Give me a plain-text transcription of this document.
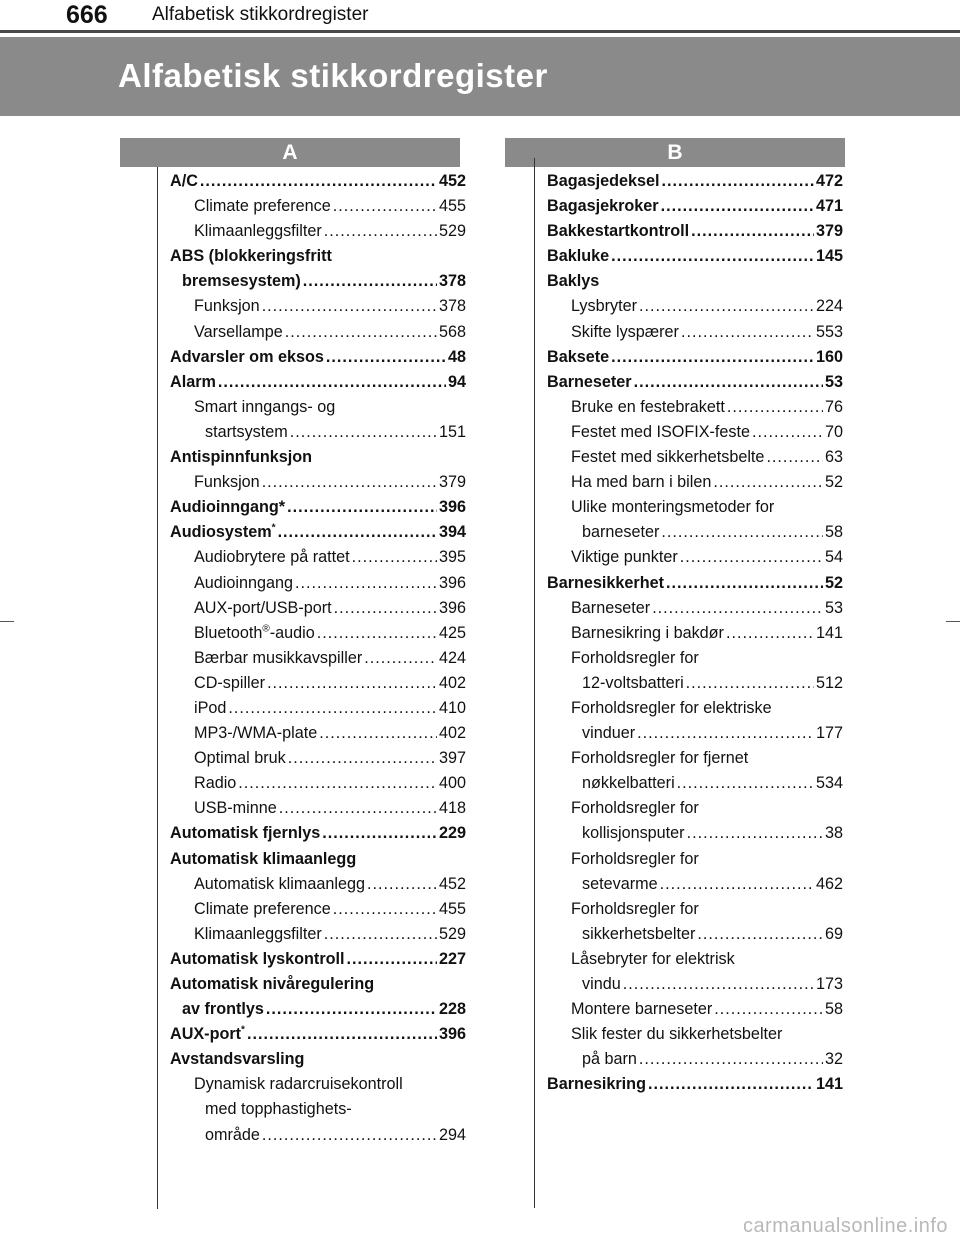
666 Alfabetisk stikkordregister
Alfabetisk stikkordregister
A	B
A/C .....	452
Climate preference .....	455
Klimaanleggsfilter .....	529
ABS (blokkeringsfritt
bremsesystem) .....	378
Funksjon .....	378
Varsellampe .....	568
Advarsler om eksos .....	48
Alarm .....	94
Smart inngangs- og
startsystem .....	151
Antispinnfunksjon
Funksjon .....	379
Audioinngang* .....	396
Audiosystem* .....	394
Audiobrytere på rattet .....	395
Audioinngang .....	396
AUX-port/USB-port .....	396
Bluetooth®-audio .....	425
Bærbar musikkavspiller .....	424
CD-spiller .....	402
iPod .....	410
MP3-/WMA-plate .....	402
Optimal bruk .....	397
Radio .....	400
USB-minne .....	418
Automatisk fjernlys .....	229
Automatisk klimaanlegg
Automatisk klimaanlegg .....	452
Climate preference .....	455
Klimaanleggsfilter .....	529
Automatisk lyskontroll .....	227
Automatisk nivåregulering
av frontlys .....	228
AUX-port* .....	396
Avstandsvarsling
Dynamisk radarcruisekontroll
med topphastighets-
område .....	294
Bagasjedeksel .....	472
Bagasjekroker .....	471
Bakkestartkontroll .....	379
Bakluke .....	145
Baklys
Lysbryter .....	224
Skifte lyspærer .....	553
Baksete .....	160
Barneseter .....	53
Bruke en festebrakett .....	76
Festet med ISOFIX-feste .....	70
Festet med sikkerhetsbelte .....	63
Ha med barn i bilen .....	52
Ulike monteringsmetoder for
barneseter .....	58
Viktige punkter .....	54
Barnesikkerhet .....	52
Barneseter .....	53
Barnesikring i bakdør .....	141
Forholdsregler for
12-voltsbatteri .....	512
Forholdsregler for elektriske
vinduer .....	177
Forholdsregler for fjernet
nøkkelbatteri .....	534
Forholdsregler for
kollisjonsputer .....	38
Forholdsregler for
setevarme .....	462
Forholdsregler for
sikkerhetsbelter .....	69
Låsebryter for elektrisk
vindu .....	173
Montere barneseter .....	58
Slik fester du sikkerhetsbelter
på barn .....	32
Barnesikring .....	141
carmanualsonline.info
